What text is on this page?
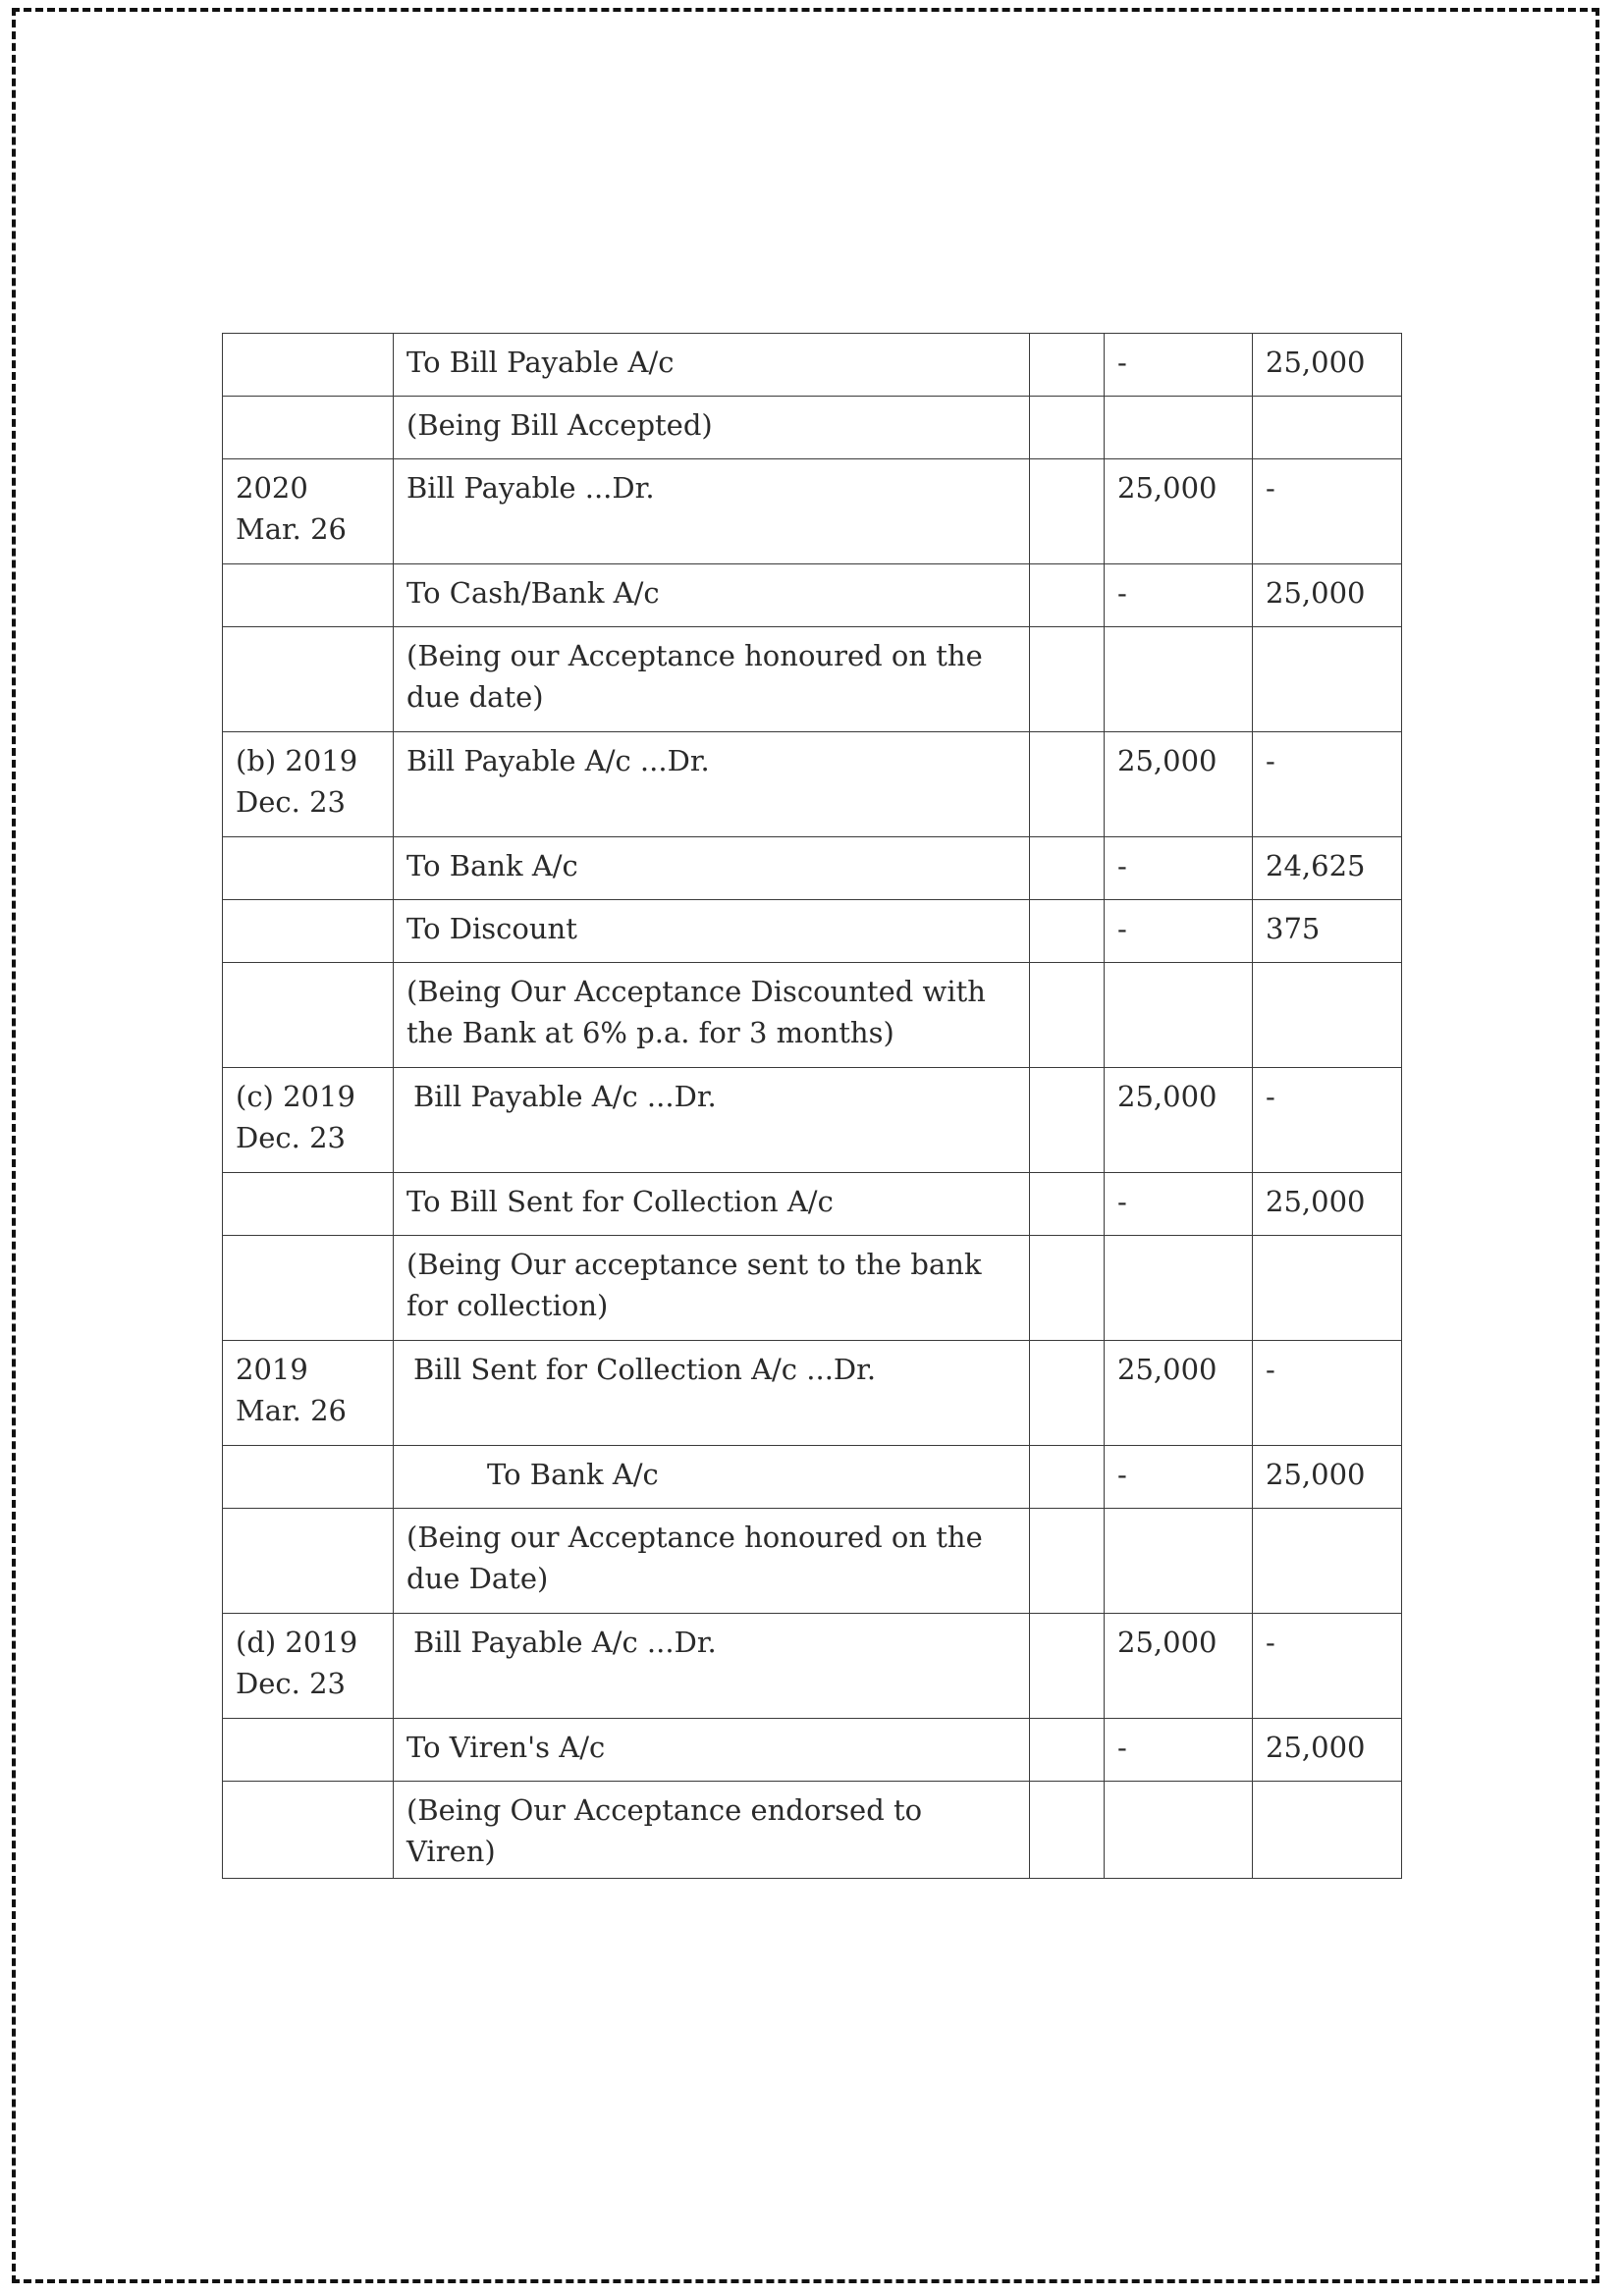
	To Bill Payable A/c		-	25,000
	(Being Bill Accepted)			
2020 Mar. 26	Bill Payable ...Dr.		25,000	-
	To Cash/Bank A/c		-	25,000
	(Being our Acceptance honoured on the due date)			
(b) 2019 Dec. 23	Bill Payable A/c ...Dr.		25,000	-
	To Bank A/c		-	24,625
	To Discount		-	375
	(Being Our Acceptance Discounted with the Bank at 6% p.a. for 3 months)			
(c) 2019 Dec. 23	Bill Payable A/c ...Dr.		25,000	-
	To Bill Sent for Collection A/c		-	25,000
	(Being Our acceptance sent to the bank for collection)			
2019 Mar. 26	Bill Sent for Collection A/c ...Dr.		25,000	-
	To Bank A/c		-	25,000
	(Being our Acceptance honoured on the due Date)			
(d) 2019 Dec. 23	Bill Payable A/c ...Dr.		25,000	-
	To Viren's A/c		-	25,000
	(Being Our Acceptance endorsed to Viren)			
